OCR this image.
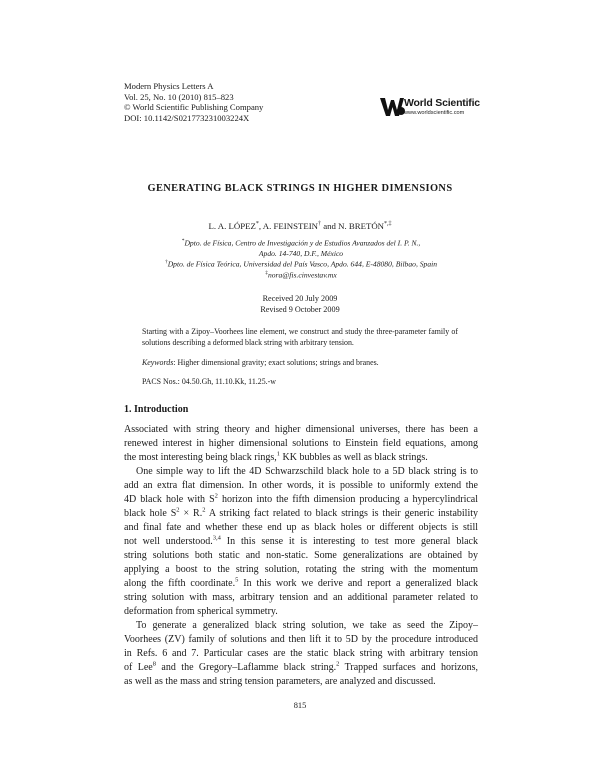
Modern Physics Letters A
Vol. 25, No. 10 (2010) 815–823
© World Scientific Publishing Company
DOI: 10.1142/S021773231003224X
World Scientific
www.worldscientific.com
GENERATING BLACK STRINGS IN HIGHER DIMENSIONS
L. A. LÓPEZ*, A. FEINSTEIN† and N. BRETÓN*,‡
*Dpto. de Física, Centro de Investigación y de Estudios Avanzados del I. P. N.,
Apdo. 14-740, D.F., México
†Dpto. de Física Teórica, Universidad del País Vasco, Apdo. 644, E-48080, Bilbao, Spain
‡nora@fis.cinvestav.mx
Received 20 July 2009
Revised 9 October 2009
Starting with a Zipoy–Voorhees line element, we construct and study the three-parameter family of solutions describing a deformed black string with arbitrary tension.
Keywords: Higher dimensional gravity; exact solutions; strings and branes.
PACS Nos.: 04.50.Gh, 11.10.Kk, 11.25.-w
1. Introduction
Associated with string theory and higher dimensional universes, there has been a
renewed interest in higher dimensional solutions to Einstein field equations, among
the most interesting being black rings,$^1$ KK bubbles as well as black strings.
One simple way to lift the 4D Schwarzschild black hole to a 5D black string is to
add an extra flat dimension. In other words, it is possible to uniformly extend the
4D black hole with $S^2$ horizon into the fifth dimension producing a hypercylindrical
black hole $S^2 \times R.^2$ A striking fact related to black strings is their generic instability
and final fate and whether these end up as black holes or different objects is still
not well understood.$^{3,4}$ In this sense it is interesting to test more general black
string solutions both static and non-static. Some generalizations are obtained by
applying a boost to the string solution, rotating the string with the momentum
along the fifth coordinate.$^5$ In this work we derive and report a generalized black
string solution with mass, arbitrary tension and an additional parameter related to
deformation from spherical symmetry.
To generate a generalized black string solution, we take as seed the Zipoy–
Voorhees (ZV) family of solutions and then lift it to 5D by the procedure introduced
in Refs. 6 and 7. Particular cases are the static black string with arbitrary tension
of Lee$^8$ and the Gregory–Laflamme black string.$^2$ Trapped surfaces and horizons,
as well as the mass and string tension parameters, are analyzed and discussed.
815
